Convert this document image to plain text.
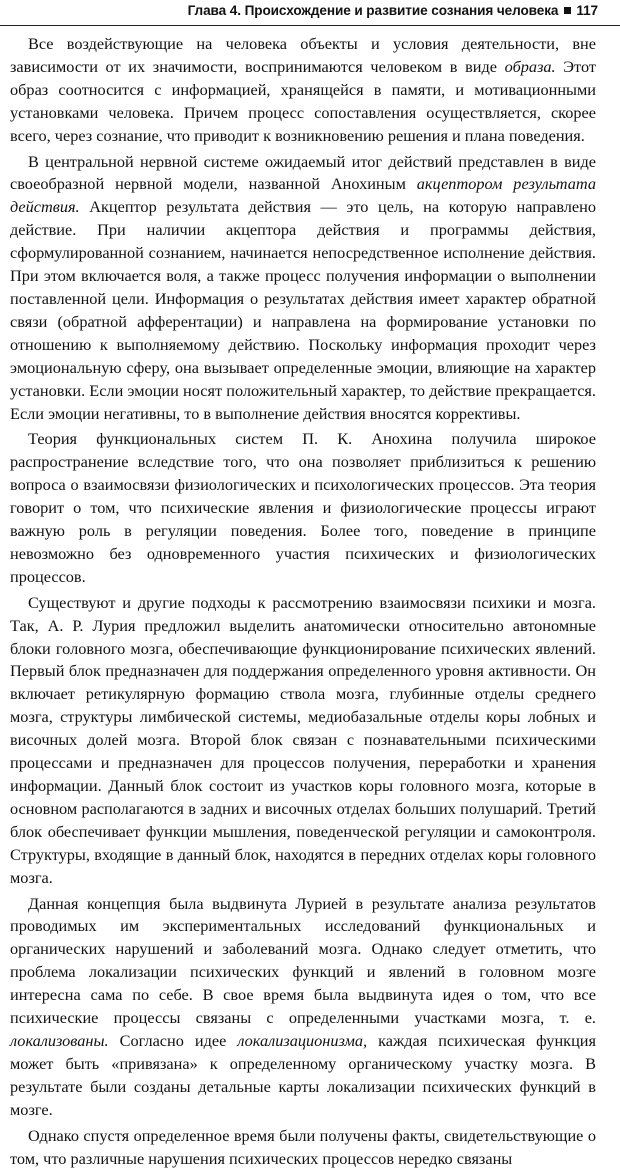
Глава 4. Происхождение и развитие сознания человека 117

Все воздействующие на человека объекты и условия деятельности, вне зависимости от их значимости, воспринимаются человеком в виде образа. Этот образ соотносится с информацией, хранящейся в памяти, и мотивационными установками человека. Причем процесс сопоставления осуществляется, скорее всего, через сознание, что приводит к возникновению решения и плана поведения.

В центральной нервной системе ожидаемый итог действий представлен в виде своеобразной нервной модели, названной Анохиным акцептором результата действия. Акцептор результата действия — это цель, на которую направлено действие. При наличии акцептора действия и программы действия, сформулированной сознанием, начинается непосредственное исполнение действия. При этом включается воля, а также процесс получения информации о выполнении поставленной цели. Информация о результатах действия имеет характер обратной связи (обратной афферентации) и направлена на формирование установки по отношению к выполняемому действию. Поскольку информация проходит через эмоциональную сферу, она вызывает определенные эмоции, влияющие на характер установки. Если эмоции носят положительный характер, то действие прекращается. Если эмоции негативны, то в выполнение действия вносятся коррективы.

Теория функциональных систем П. К. Анохина получила широкое распространение вследствие того, что она позволяет приблизиться к решению вопроса о взаимосвязи физиологических и психологических процессов. Эта теория говорит о том, что психические явления и физиологические процессы играют важную роль в регуляции поведения. Более того, поведение в принципе невозможно без одновременного участия психических и физиологических процессов.

Существуют и другие подходы к рассмотрению взаимосвязи психики и мозга. Так, А. Р. Лурия предложил выделить анатомически относительно автономные блоки головного мозга, обеспечивающие функционирование психических явлений. Первый блок предназначен для поддержания определенного уровня активности. Он включает ретикулярную формацию ствола мозга, глубинные отделы среднего мозга, структуры лимбической системы, медиобазальные отделы коры лобных и височных долей мозга. Второй блок связан с познавательными психическими процессами и предназначен для процессов получения, переработки и хранения информации. Данный блок состоит из участков коры головного мозга, которые в основном располагаются в задних и височных отделах больших полушарий. Третий блок обеспечивает функции мышления, поведенческой регуляции и самоконтроля. Структуры, входящие в данный блок, находятся в передних отделах коры головного мозга.

Данная концепция была выдвинута Лурией в результате анализа результатов проводимых им экспериментальных исследований функциональных и органических нарушений и заболеваний мозга. Однако следует отметить, что проблема локализации психических функций и явлений в головном мозге интересна сама по себе. В свое время была выдвинута идея о том, что все психические процессы связаны с определенными участками мозга, т. е. локализованы. Согласно идее локализационизма, каждая психическая функция может быть «привязана» к определенному органическому участку мозга. В результате были созданы детальные карты локализации психических функций в мозге.

Однако спустя определенное время были получены факты, свидетельствующие о том, что различные нарушения психических процессов нередко связаны
